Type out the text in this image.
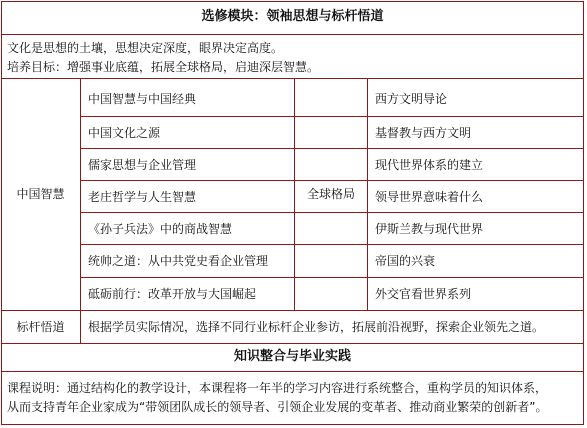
选修模块：领袖思想与标杆悟道
文化是思想的土壤，思想决定深度，眼界决定高度。
培养目标：增强事业底蕴，拓展全球格局，启迪深层智慧。
中国智慧	全球格局
中国智慧与中国经典
中国文化之源
儒家思想与企业管理
老庄哲学与人生智慧
《孙子兵法》中的商战智慧
统帅之道：从中共党史看企业管理
砥砺前行：改革开放与大国崛起
西方文明导论
基督教与西方文明
现代世界体系的建立
领导世界意味着什么
伊斯兰教与现代世界
帝国的兴衰
外交官看世界系列
标杆悟道	根据学员实际情况，选择不同行业标杆企业参访，拓展前沿视野，探索企业领先之道。
知识整合与毕业实践
课程说明：通过结构化的教学设计，本课程将一年半的学习内容进行系统整合，重构学员的知识体系，
从而支持青年企业家成为“带领团队成长的领导者、引领企业发展的变革者、推动商业繁荣的创新者”。
